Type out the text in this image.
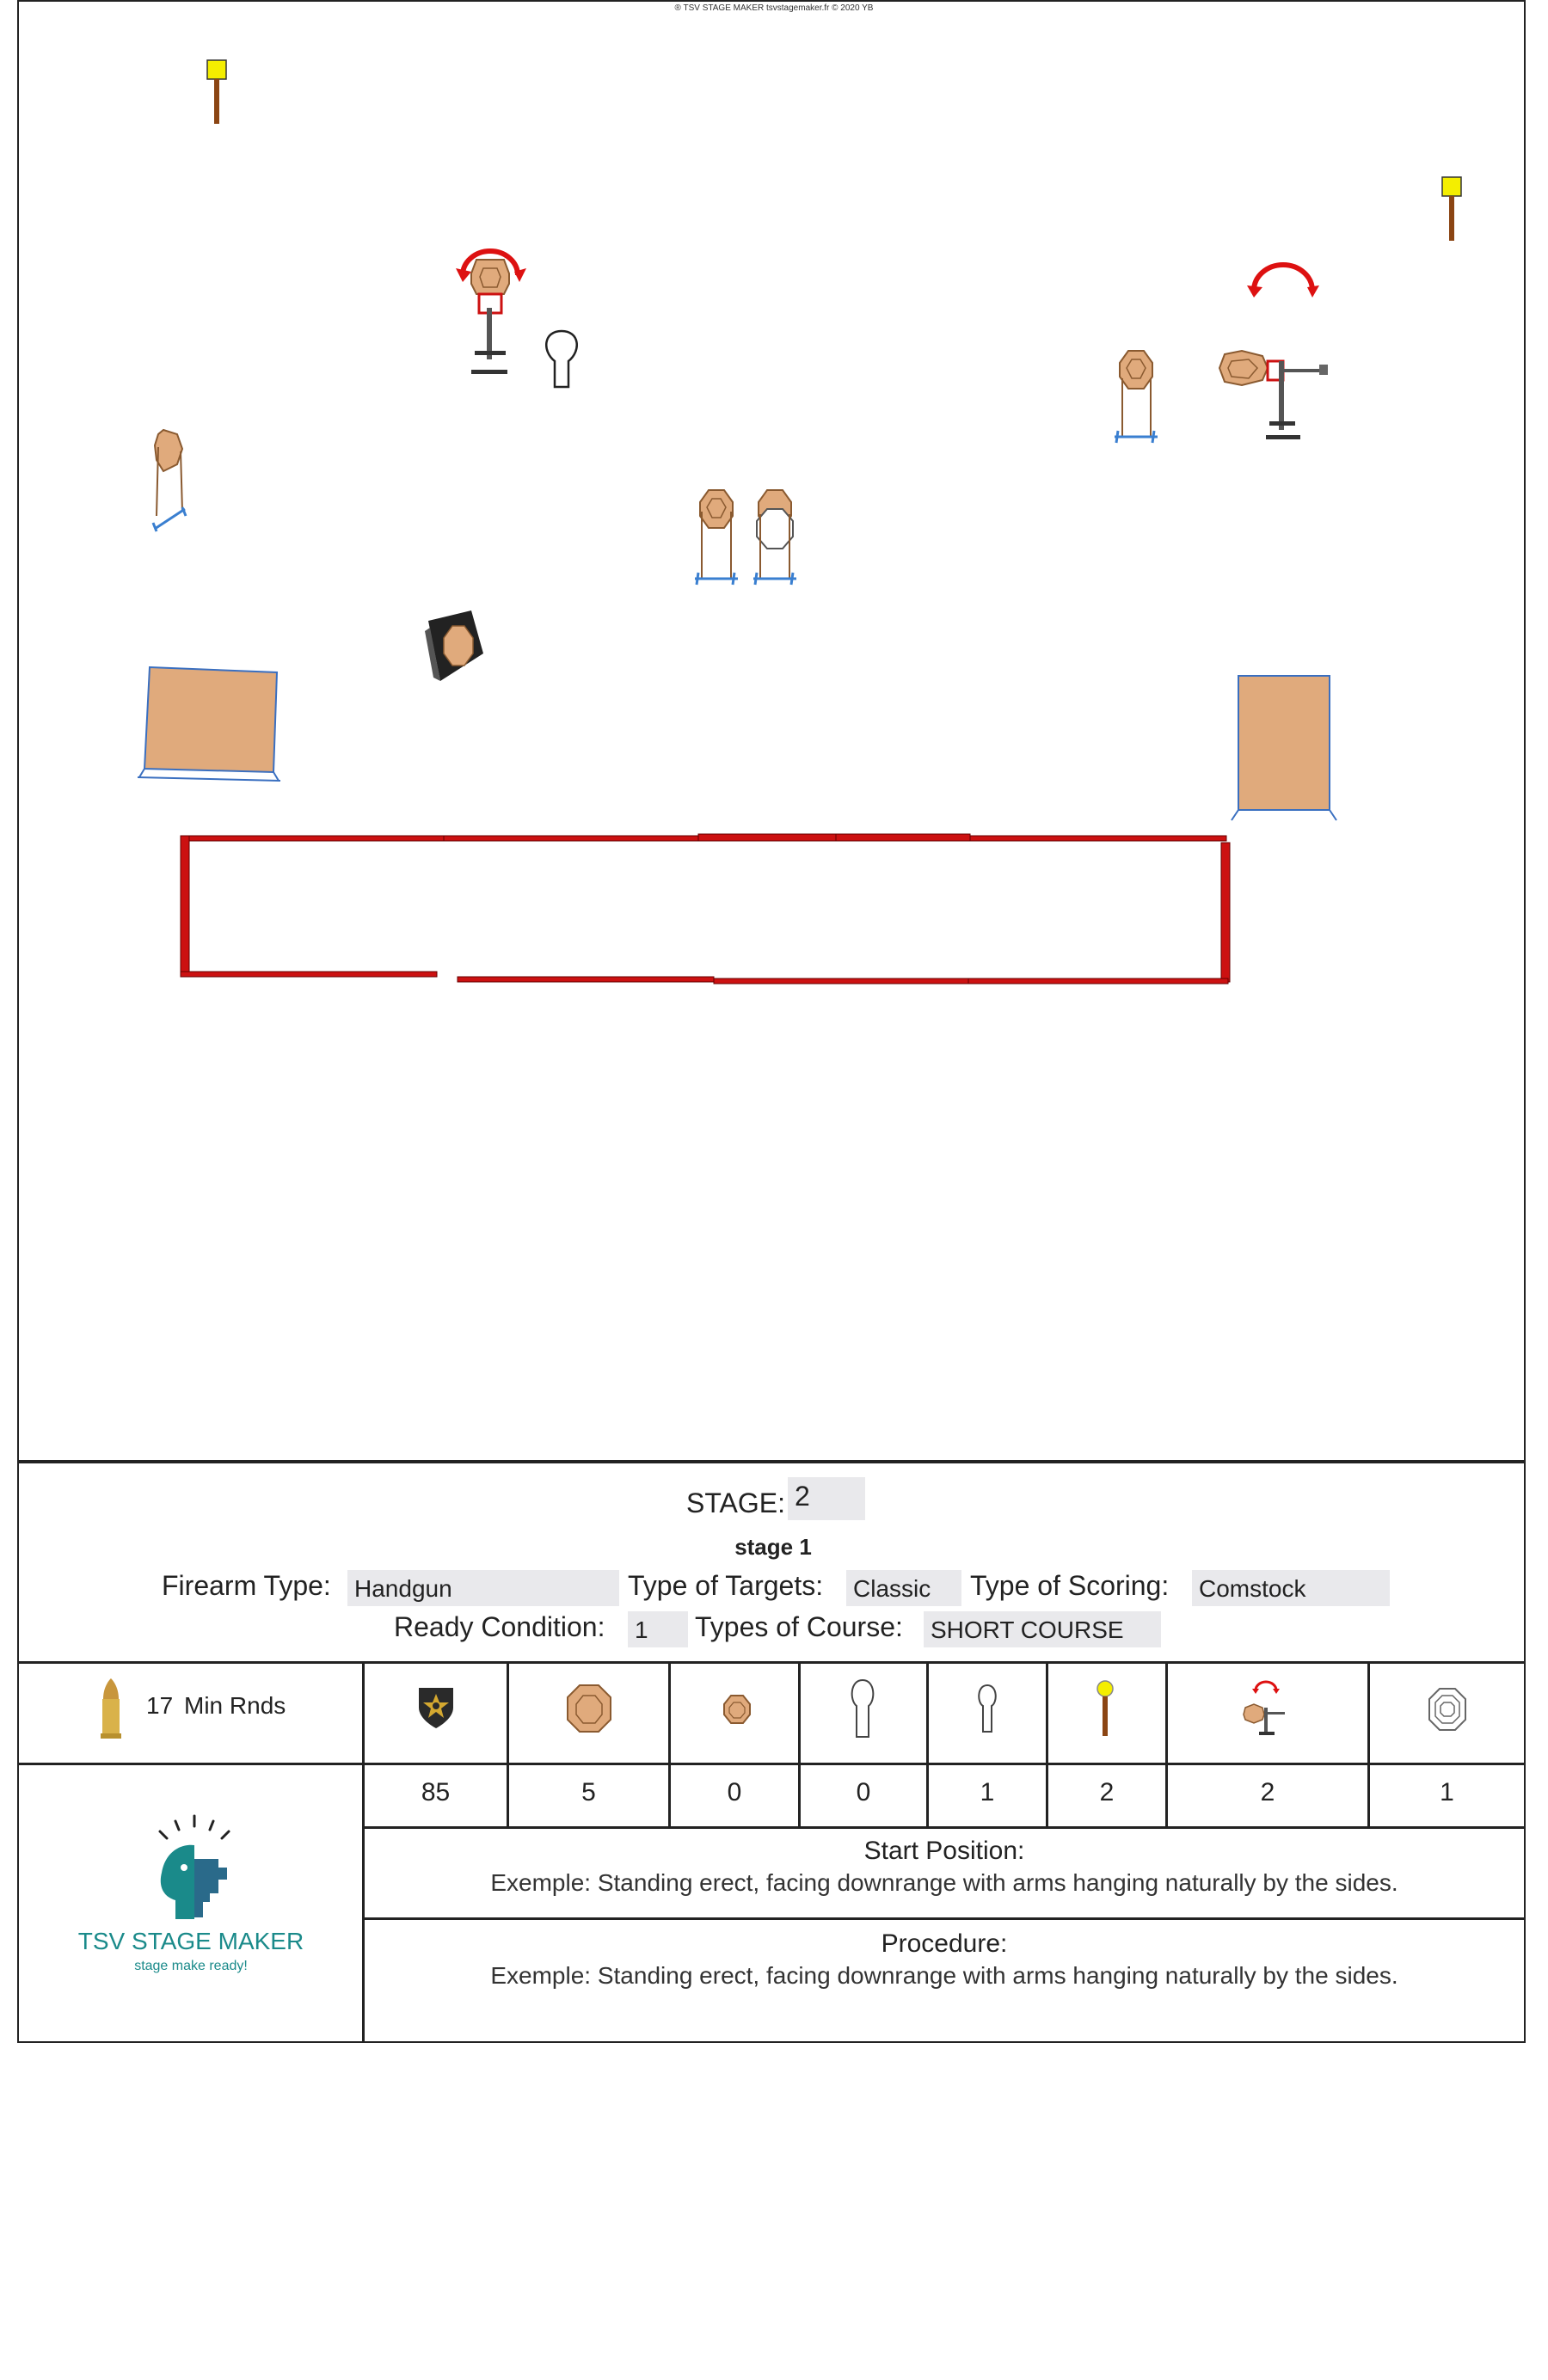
® TSV STAGE MAKER tsvstagemaker.fr © 2020 YB
STAGE: 2
stage 1
Firearm Type: Handgun	Type of Targets: Classic	Type of Scoring: Comstock
Ready Condition: 1	Types of Course: SHORT COURSE
17 Min Rnds
85	5	0	0	1	2	2	1
Start Position:
Exemple: Standing erect, facing downrange with arms hanging naturally by the sides.
Procedure:
Exemple: Standing erect, facing downrange with arms hanging naturally by the sides.
TSV STAGE MAKER
stage make ready!
